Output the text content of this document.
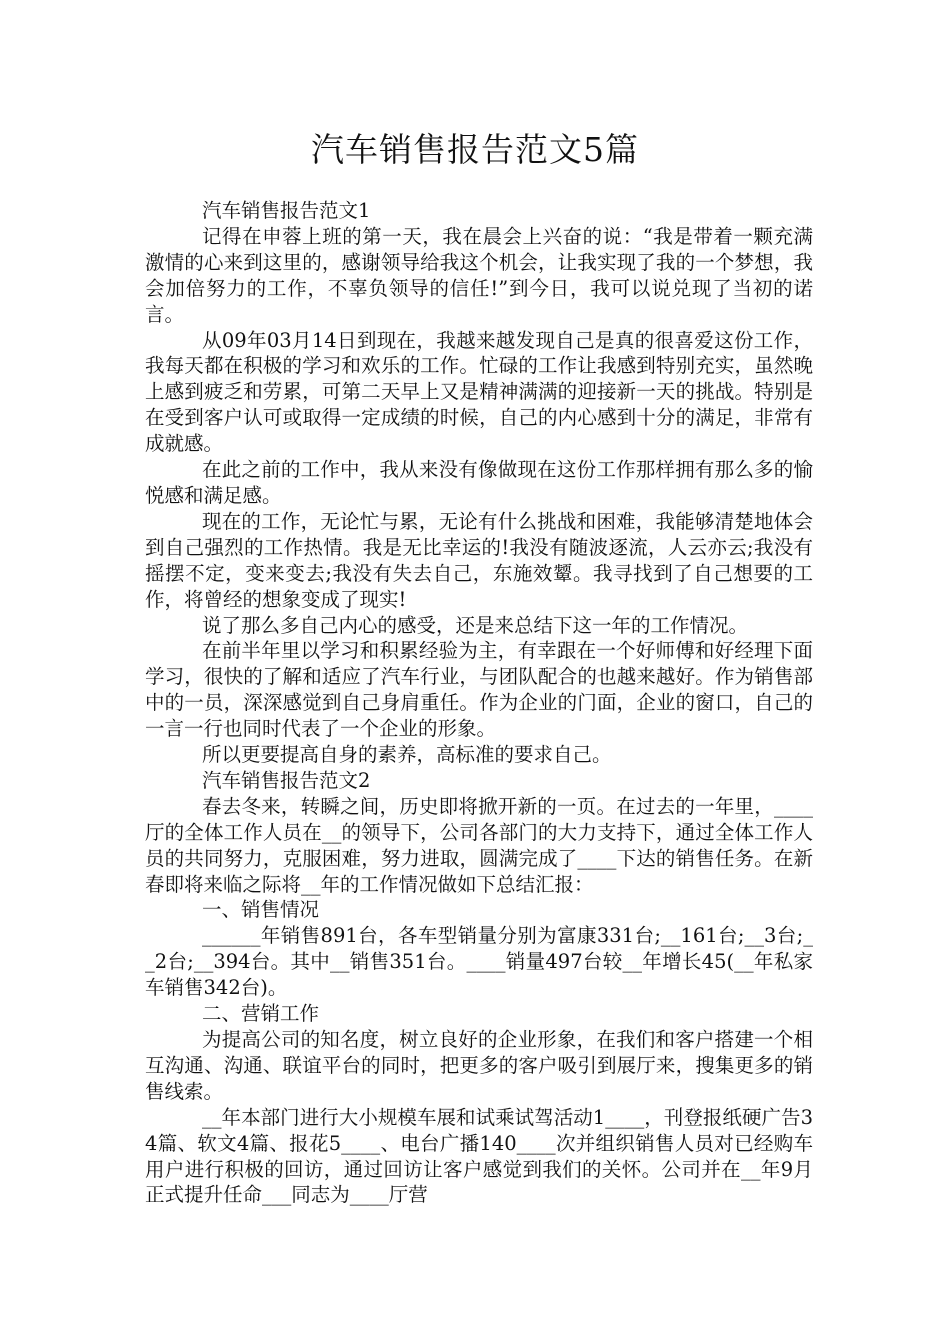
汽车销售报告范文5篇

汽车销售报告范文1

记得在申蓉上班的第一天，我在晨会上兴奋的说：“我是带着一颗充满激情的心来到这里的，感谢领导给我这个机会，让我实现了我的一个梦想，我会加倍努力的工作，不辜负领导的信任!”到今日，我可以说兑现了当初的诺言。

从09年03月14日到现在，我越来越发现自己是真的很喜爱这份工作，我每天都在积极的学习和欢乐的工作。忙碌的工作让我感到特别充实，虽然晚上感到疲乏和劳累，可第二天早上又是精神满满的迎接新一天的挑战。特别是在受到客户认可或取得一定成绩的时候，自己的内心感到十分的满足，非常有成就感。

在此之前的工作中，我从来没有像做现在这份工作那样拥有那么多的愉悦感和满足感。

现在的工作，无论忙与累，无论有什么挑战和困难，我能够清楚地体会到自己强烈的工作热情。我是无比幸运的!我没有随波逐流，人云亦云;我没有摇摆不定，变来变去;我没有失去自己，东施效颦。我寻找到了自己想要的工作，将曾经的想象变成了现实!

说了那么多自己内心的感受，还是来总结下这一年的工作情况。

在前半年里以学习和积累经验为主，有幸跟在一个好师傅和好经理下面学习，很快的了解和适应了汽车行业，与团队配合的也越来越好。作为销售部中的一员，深深感觉到自己身肩重任。作为企业的门面，企业的窗口，自己的一言一行也同时代表了一个企业的形象。

所以更要提高自身的素养，高标准的要求自己。

汽车销售报告范文2

春去冬来，转瞬之间，历史即将掀开新的一页。在过去的一年里，____厅的全体工作人员在__的领导下，公司各部门的大力支持下，通过全体工作人员的共同努力，克服困难，努力进取，圆满完成了____下达的销售任务。在新春即将来临之际将__年的工作情况做如下总结汇报：

一、销售情况

______年销售891台，各车型销量分别为富康331台;__161台;__3台;__2台;__394台。其中__销售351台。____销量497台较__年增长45(__年私家车销售342台)。

二、营销工作

为提高公司的知名度，树立良好的企业形象，在我们和客户搭建一个相互沟通、沟通、联谊平台的同时，把更多的客户吸引到展厅来，搜集更多的销售线索。

__年本部门进行大小规模车展和试乘试驾活动1____，刊登报纸硬广告34篇、软文4篇、报花5____、电台广播140____次并组织销售人员对已经购车用户进行积极的回访，通过回访让客户感觉到我们的关怀。公司并在__年9月正式提升任命___同志为____厅营
